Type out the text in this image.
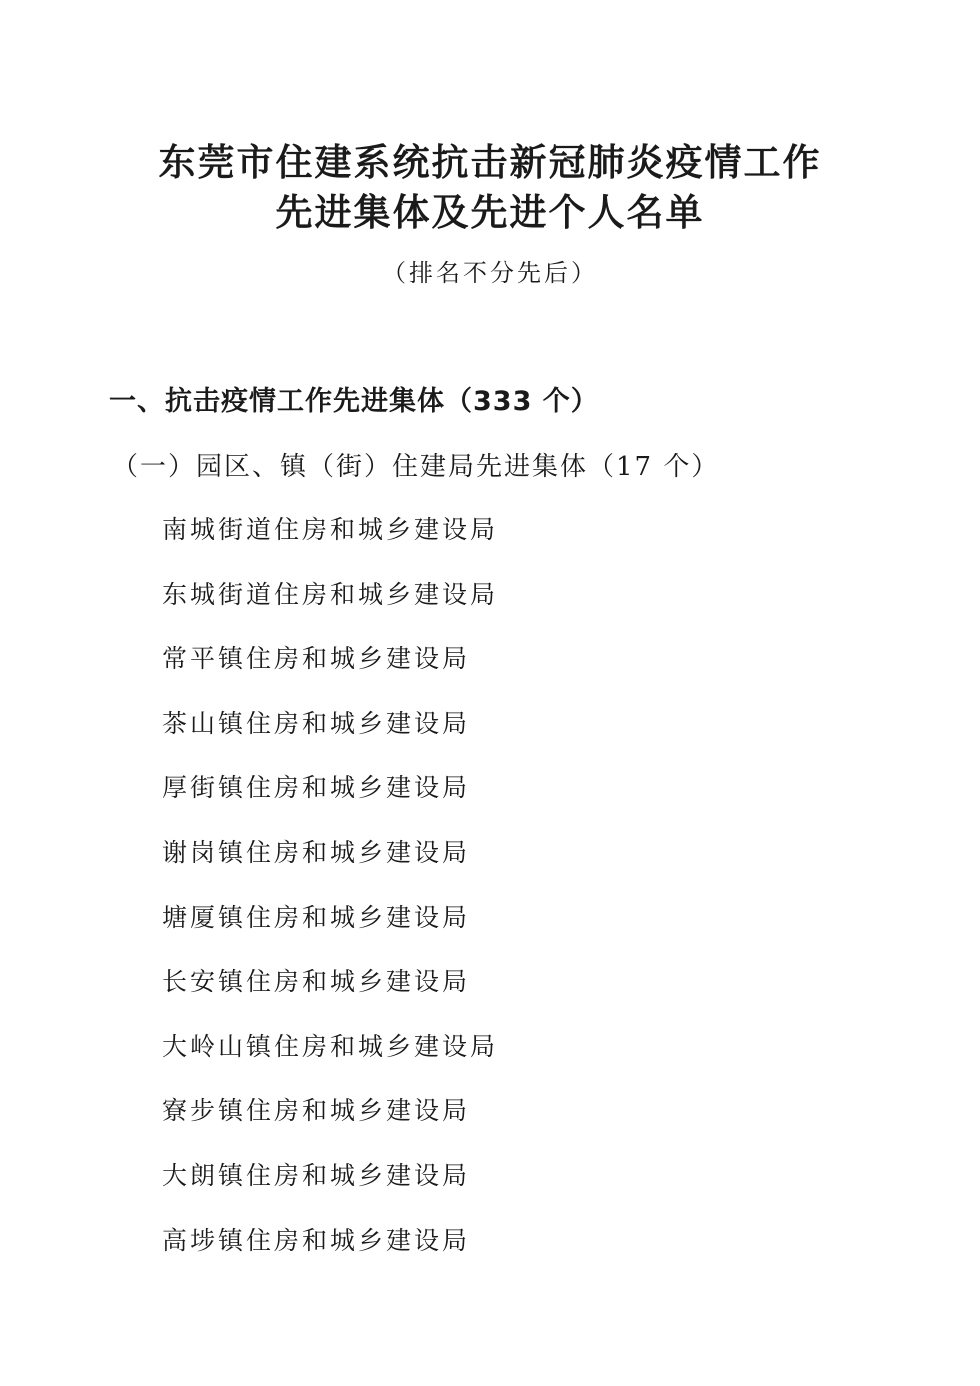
东莞市住建系统抗击新冠肺炎疫情工作
先进集体及先进个人名单
（排名不分先后）
一、抗击疫情工作先进集体（333 个）
（一）园区、镇（街）住建局先进集体（17 个）
南城街道住房和城乡建设局
东城街道住房和城乡建设局
常平镇住房和城乡建设局
茶山镇住房和城乡建设局
厚街镇住房和城乡建设局
谢岗镇住房和城乡建设局
塘厦镇住房和城乡建设局
长安镇住房和城乡建设局
大岭山镇住房和城乡建设局
寮步镇住房和城乡建设局
大朗镇住房和城乡建设局
高埗镇住房和城乡建设局
